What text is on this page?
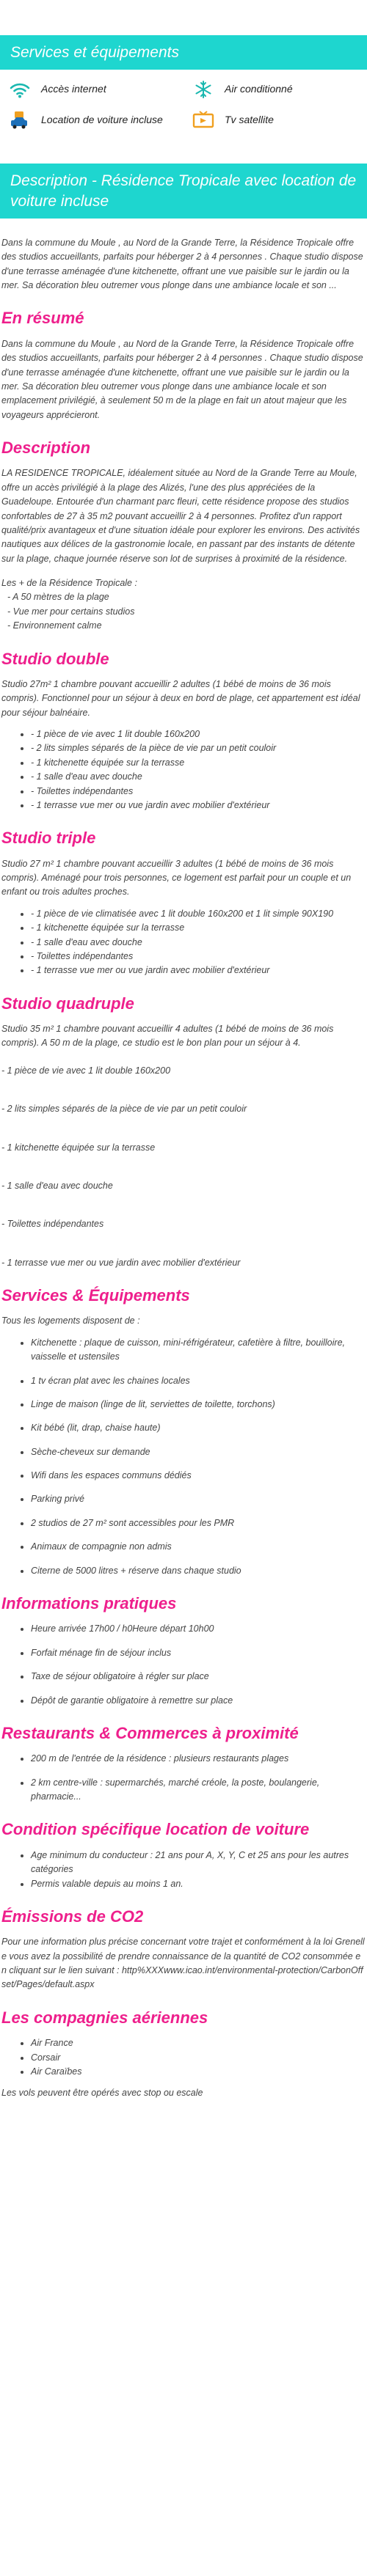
Services et équipements
Accès internet	Air conditionné
Location de voiture incluse	Tv satellite
Description - Résidence Tropicale avec location de voiture incluse

Dans la commune du Moule , au Nord de la Grande Terre, la Résidence Tropicale offre des studios accueillants, parfaits pour héberger 2 à 4 personnes . Chaque studio dispose d'une terrasse aménagée d'une kitchenette, offrant une vue paisible sur le jardin ou la mer. Sa décoration bleu outremer vous plonge dans une ambiance locale et son ...

En résumé

Dans la commune du Moule , au Nord de la Grande Terre, la Résidence Tropicale offre des studios accueillants, parfaits pour héberger 2 à 4 personnes . Chaque studio dispose d'une terrasse aménagée d'une kitchenette, offrant une vue paisible sur le jardin ou la mer. Sa décoration bleu outremer vous plonge dans une ambiance locale et son emplacement privilégié, à seulement 50 m de la plage en fait un atout majeur que les voyageurs apprécieront.

Description

LA RESIDENCE TROPICALE, idéalement située au Nord de la Grande Terre au Moule, offre un accès privilégié à la plage des Alizés, l'une des plus appréciées de la Guadeloupe. Entourée d'un charmant parc fleuri, cette résidence propose des studios confortables de 27 à 35 m2 pouvant accueillir 2 à 4 personnes. Profitez d'un rapport qualité/prix avantageux et d'une situation idéale pour explorer les environs. Des activités nautiques aux délices de la gastronomie locale, en passant par des instants de détente sur la plage, chaque journée réserve son lot de surprises à proximité de la résidence.

Les + de la Résidence Tropicale :

- A 50 mètres de la plage
- Vue mer pour certains studios
- Environnement calme
Studio double

Studio 27m² 1 chambre pouvant accueillir 2 adultes (1 bébé de moins de 36 mois compris). Fonctionnel pour un séjour à deux en bord de plage, cet appartement est idéal pour séjour balnéaire.

• - 1 pièce de vie avec 1 lit double 160x200
• - 2 lits simples séparés de la pièce de vie par un petit couloir
• - 1 kitchenette équipée sur la terrasse
• - 1 salle d'eau avec douche
• - Toilettes indépendantes
• - 1 terrasse vue mer ou vue jardin avec mobilier d'extérieur
Studio triple

Studio 27 m² 1 chambre pouvant accueillir 3 adultes (1 bébé de moins de 36 mois compris). Aménagé pour trois personnes, ce logement est parfait pour un couple et un enfant ou trois adultes proches.

• - 1 pièce de vie climatisée avec 1 lit double 160x200 et 1 lit simple 90X190
• - 1 kitchenette équipée sur la terrasse
• - 1 salle d'eau avec douche
• - Toilettes indépendantes
• - 1 terrasse vue mer ou vue jardin avec mobilier d'extérieur
Studio quadruple

Studio 35 m² 1 chambre pouvant accueillir 4 adultes (1 bébé de moins de 36 mois compris). A 50 m de la plage, ce studio est le bon plan pour un séjour à 4.

- 1 pièce de vie avec 1 lit double 160x200
- 2 lits simples séparés de la pièce de vie par un petit couloir
- 1 kitchenette équipée sur la terrasse
- 1 salle d'eau avec douche
- Toilettes indépendantes
- 1 terrasse vue mer ou vue jardin avec mobilier d'extérieur
Services & Équipements

Tous les logements disposent de :

• Kitchenette : plaque de cuisson, mini-réfrigérateur, cafetière à filtre, bouilloire, vaisselle et ustensiles
• 1 tv écran plat avec les chaines locales
• Linge de maison (linge de lit, serviettes de toilette, torchons)
• Kit bébé (lit, drap, chaise haute)
• Sèche-cheveux sur demande
• Wifi dans les espaces communs dédiés
• Parking privé
• 2 studios de 27 m² sont accessibles pour les PMR
• Animaux de compagnie non admis
• Citerne de 5000 litres + réserve dans chaque studio
Informations pratiques
• Heure arrivée 17h00 / h0Heure départ 10h00
• Forfait ménage fin de séjour inclus
• Taxe de séjour obligatoire à régler sur place
• Dépôt de garantie obligatoire à remettre sur place
Restaurants & Commerces à proximité
• 200 m de l'entrée de la résidence : plusieurs restaurants plages
• 2 km centre-ville : supermarchés, marché créole, la poste, boulangerie, pharmacie...
Condition spécifique location de voiture
• Age minimum du conducteur : 21 ans pour A, X, Y, C et 25 ans pour les autres catégories
• Permis valable depuis au moins 1 an.
Émissions de CO2

Pour une information plus précise concernant votre trajet et conformément à la loi Grenelle vous avez la possibilité de prendre connaissance de la quantité de CO2 consommée en cliquant sur le lien suivant : http%XXXwww.icao.int/environmental-protection/CarbonOffset/Pages/default.aspx

Les compagnies aériennes
• Air France
• Corsair
• Air Caraïbes

Les vols peuvent être opérés avec stop ou escale
